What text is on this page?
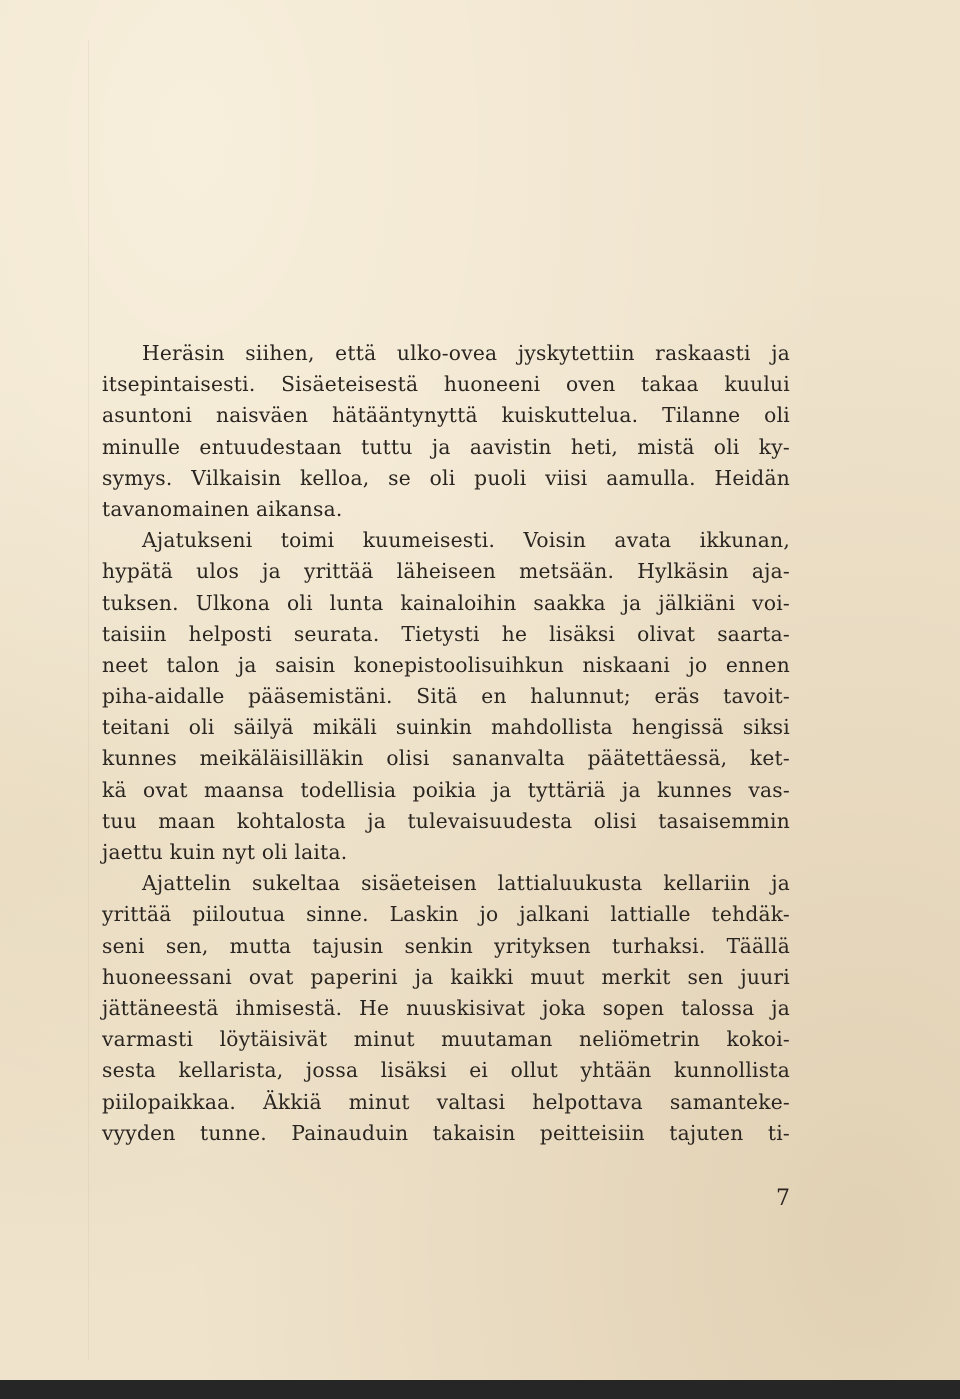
Heräsin siihen, että ulko-ovea jyskytettiin raskaasti ja
itsepintaisesti. Sisäeteisestä huoneeni oven takaa kuului
asuntoni naisväen hätääntynyttä kuiskuttelua. Tilanne oli
minulle entuudestaan tuttu ja aavistin heti, mistä oli ky-
symys. Vilkaisin kelloa, se oli puoli viisi aamulla. Heidän
tavanomainen aikansa.
Ajatukseni toimi kuumeisesti. Voisin avata ikkunan,
hypätä ulos ja yrittää läheiseen metsään. Hylkäsin aja-
tuksen. Ulkona oli lunta kainaloihin saakka ja jälkiäni voi-
taisiin helposti seurata. Tietysti he lisäksi olivat saarta-
neet talon ja saisin konepistoolisuihkun niskaani jo ennen
piha-aidalle pääsemistäni. Sitä en halunnut; eräs tavoit-
teitani oli säilyä mikäli suinkin mahdollista hengissä siksi
kunnes meikäläisilläkin olisi sananvalta päätettäessä, ket-
kä ovat maansa todellisia poikia ja tyttäriä ja kunnes vas-
tuu maan kohtalosta ja tulevaisuudesta olisi tasaisemmin
jaettu kuin nyt oli laita.
Ajattelin sukeltaa sisäeteisen lattialuukusta kellariin ja
yrittää piiloutua sinne. Laskin jo jalkani lattialle tehdäk-
seni sen, mutta tajusin senkin yrityksen turhaksi. Täällä
huoneessani ovat paperini ja kaikki muut merkit sen juuri
jättäneestä ihmisestä. He nuuskisivat joka sopen talossa ja
varmasti löytäisivät minut muutaman neliömetrin kokoi-
sesta kellarista, jossa lisäksi ei ollut yhtään kunnollista
piilopaikkaa. Äkkiä minut valtasi helpottava samanteke-
vyyden tunne. Painauduin takaisin peitteisiin tajuten ti-
7
